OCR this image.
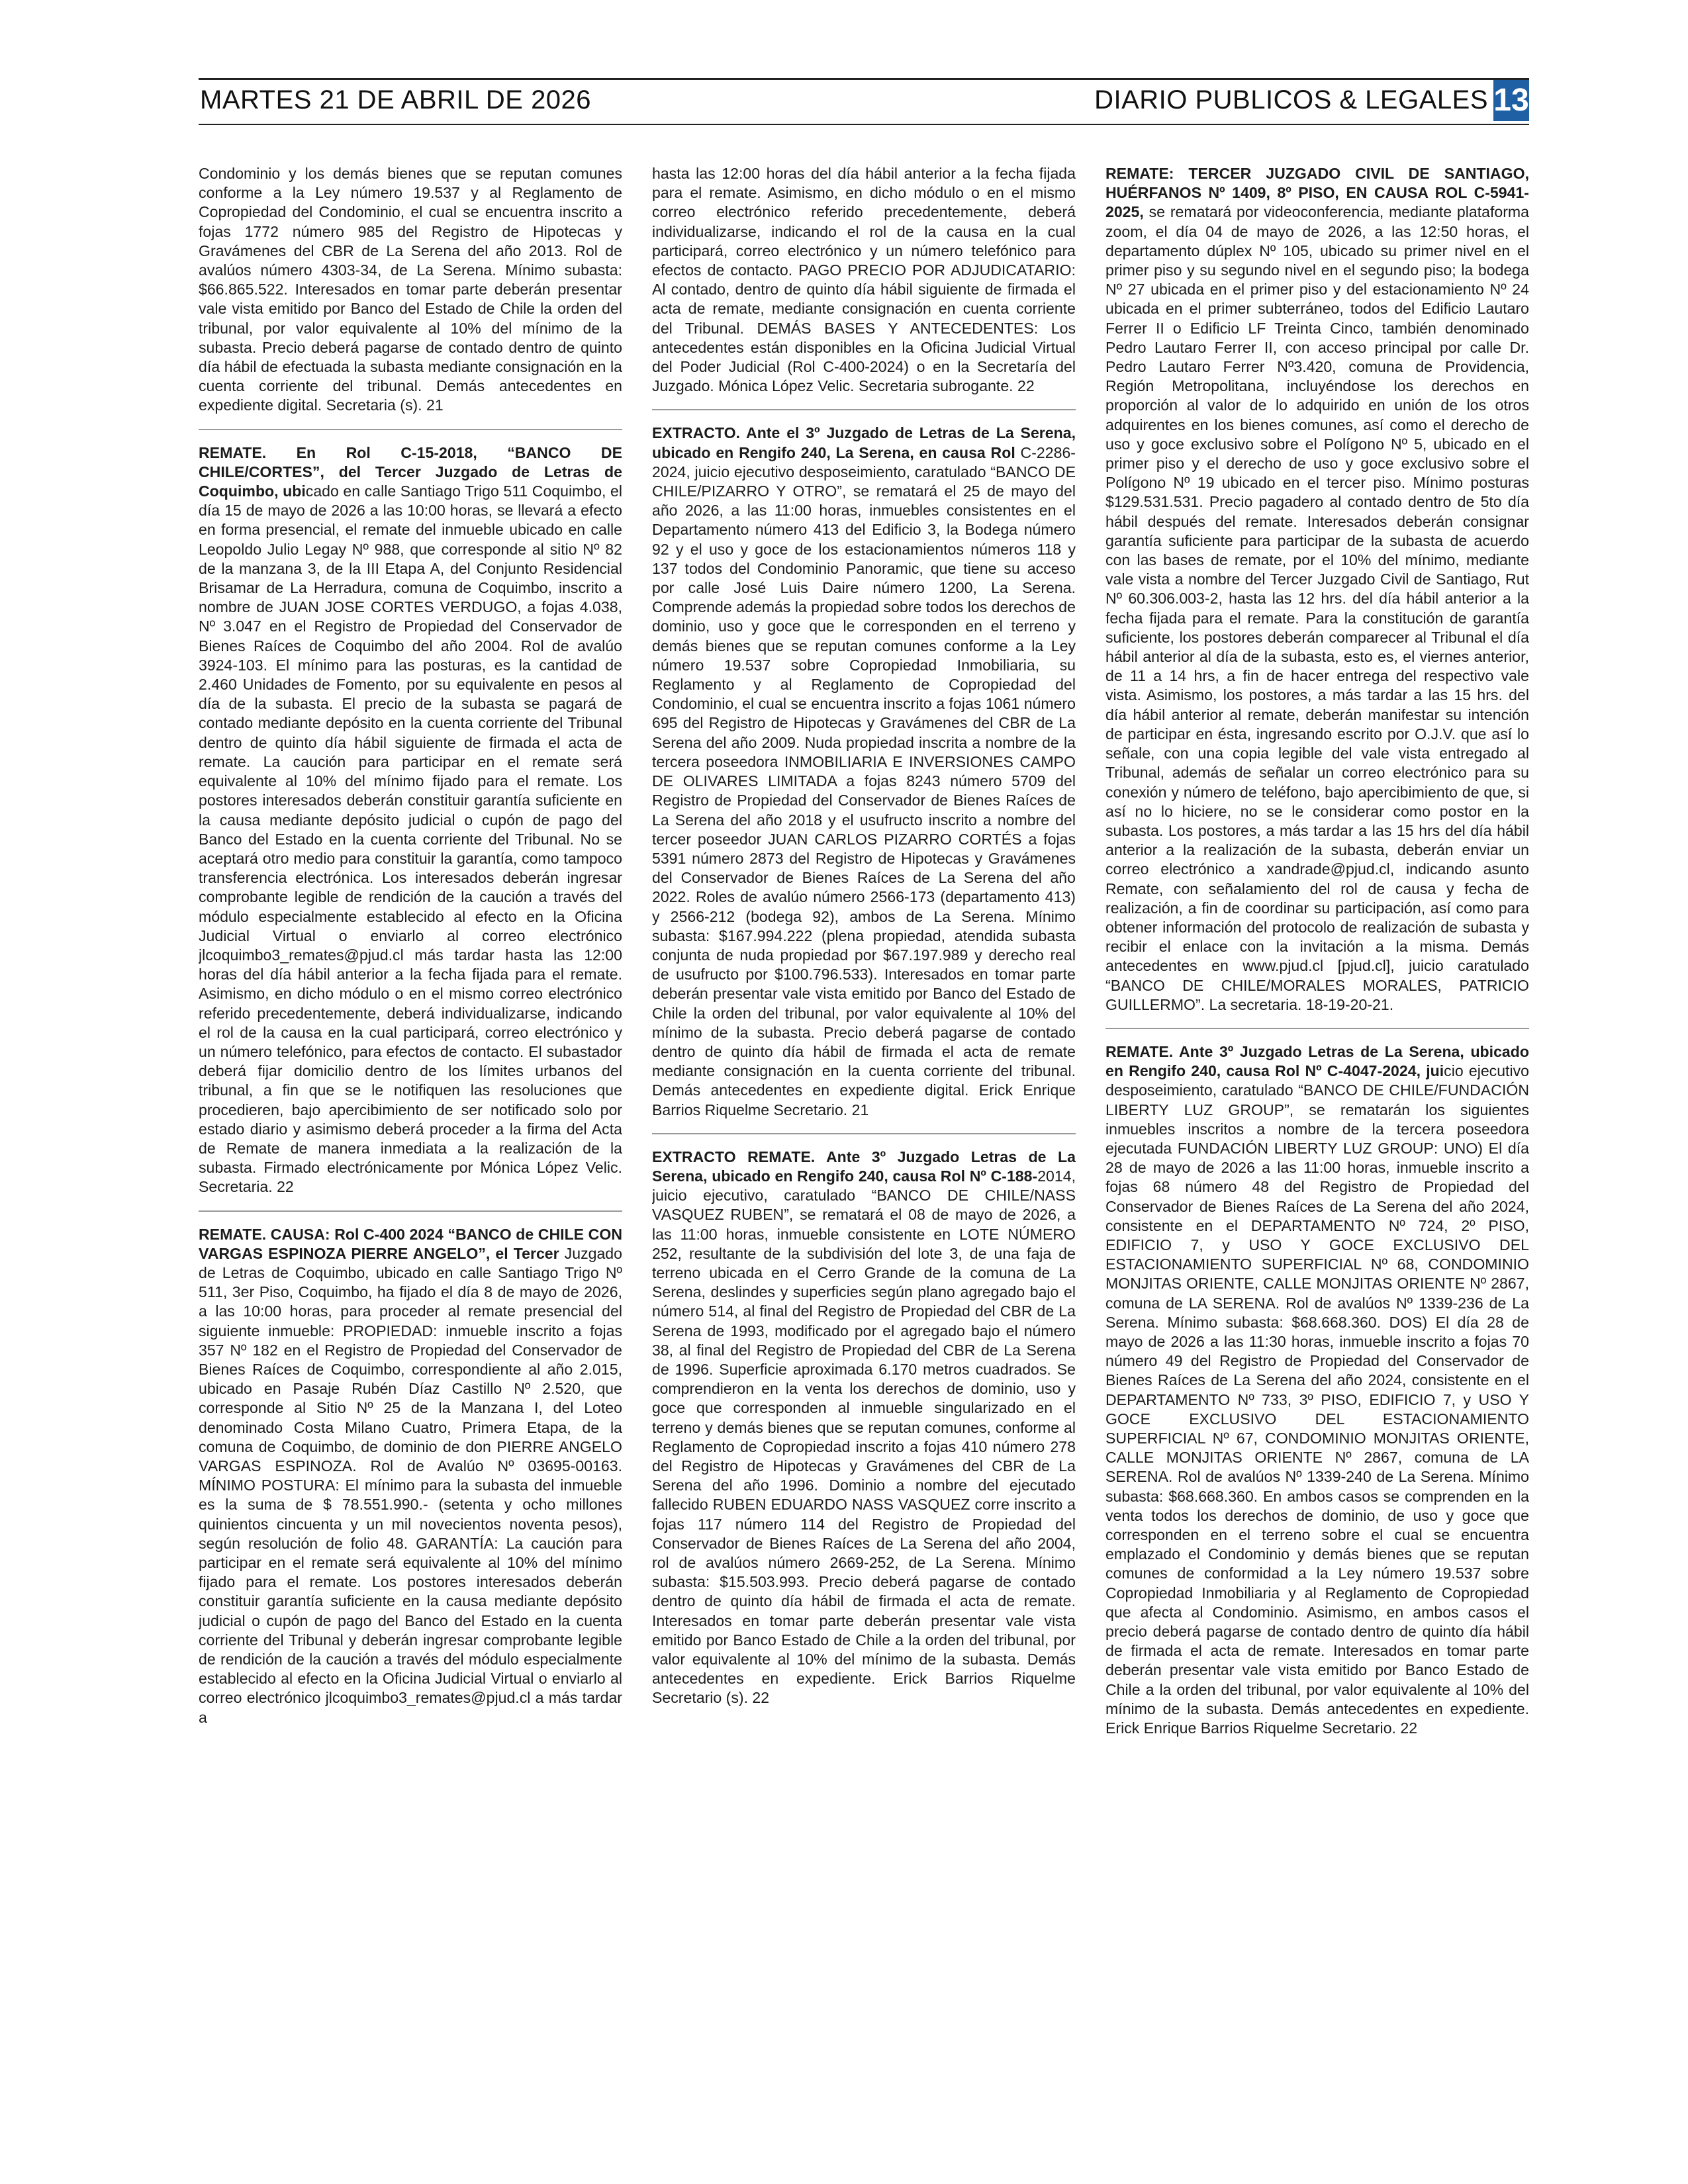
MARTES 21 DE ABRIL DE 2026	DIARIO PUBLICOS & LEGALES 13

Condominio y los demás bienes que se reputan comunes conforme a la Ley número 19.537 y al Reglamento de Copropiedad del Condominio, el cual se encuentra inscrito a fojas 1772 número 985 del Registro de Hipotecas y Gravámenes del CBR de La Serena del año 2013. Rol de avalúos número 4303-34, de La Serena. Mínimo subasta: $66.865.522. Interesados en tomar parte deberán presentar vale vista emitido por Banco del Estado de Chile la orden del tribunal, por valor equivalente al 10% del mínimo de la subasta. Precio deberá pagarse de contado dentro de quinto día hábil de efectuada la subasta mediante consignación en la cuenta corriente del tribunal. Demás antecedentes en expediente digital. Secretaria (s). 21

REMATE. En Rol C-15-2018, “BANCO DE CHILE/CORTES”, del Tercer Juzgado de Letras de Coquimbo, ubicado en calle Santiago Trigo 511 Coquimbo, el día 15 de mayo de 2026 a las 10:00 horas, se llevará a efecto en forma presencial, el remate del inmueble ubicado en calle Leopoldo Julio Legay Nº 988, que corresponde al sitio Nº 82 de la manzana 3, de la III Etapa A, del Conjunto Residencial Brisamar de La Herradura, comuna de Coquimbo, inscrito a nombre de JUAN JOSE CORTES VERDUGO, a fojas 4.038, Nº 3.047 en el Registro de Propiedad del Conservador de Bienes Raíces de Coquimbo del año 2004. Rol de avalúo 3924-103. El mínimo para las posturas, es la cantidad de 2.460 Unidades de Fomento, por su equivalente en pesos al día de la subasta. El precio de la subasta se pagará de contado mediante depósito en la cuenta corriente del Tribunal dentro de quinto día hábil siguiente de firmada el acta de remate. La caución para participar en el remate será equivalente al 10% del mínimo fijado para el remate. Los postores interesados deberán constituir garantía suficiente en la causa mediante depósito judicial o cupón de pago del Banco del Estado en la cuenta corriente del Tribunal. No se aceptará otro medio para constituir la garantía, como tampoco transferencia electrónica. Los interesados deberán ingresar comprobante legible de rendición de la caución a través del módulo especialmente establecido al efecto en la Oficina Judicial Virtual o enviarlo al correo electrónico jlcoquimbo3_remates@pjud.cl más tardar hasta las 12:00 horas del día hábil anterior a la fecha fijada para el remate. Asimismo, en dicho módulo o en el mismo correo electrónico referido precedentemente, deberá individualizarse, indicando el rol de la causa en la cual participará, correo electrónico y un número telefónico, para efectos de contacto. El subastador deberá fijar domicilio dentro de los límites urbanos del tribunal, a fin que se le notifiquen las resoluciones que procedieren, bajo apercibimiento de ser notificado solo por estado diario y asimismo deberá proceder a la firma del Acta de Remate de manera inmediata a la realización de la subasta. Firmado electrónicamente por Mónica López Velic. Secretaria. 22

REMATE. CAUSA: Rol C-400 2024 “BANCO de CHILE CON VARGAS ESPINOZA PIERRE ANGELO”, el Tercer Juzgado de Letras de Coquimbo, ubicado en calle Santiago Trigo Nº 511, 3er Piso, Coquimbo, ha fijado el día 8 de mayo de 2026, a las 10:00 horas, para proceder al remate presencial del siguiente inmueble: PROPIEDAD: inmueble inscrito a fojas 357 Nº 182 en el Registro de Propiedad del Conservador de Bienes Raíces de Coquimbo, correspondiente al año 2.015, ubicado en Pasaje Rubén Díaz Castillo Nº 2.520, que corresponde al Sitio Nº 25 de la Manzana I, del Loteo denominado Costa Milano Cuatro, Primera Etapa, de la comuna de Coquimbo, de dominio de don PIERRE ANGELO VARGAS ESPINOZA. Rol de Avalúo Nº 03695-00163. MÍNIMO POSTURA: El mínimo para la subasta del inmueble es la suma de $ 78.551.990.- (setenta y ocho millones quinientos cincuenta y un mil novecientos noventa pesos), según resolución de folio 48. GARANTÍA: La caución para participar en el remate será equivalente al 10% del mínimo fijado para el remate. Los postores interesados deberán constituir garantía suficiente en la causa mediante depósito judicial o cupón de pago del Banco del Estado en la cuenta corriente del Tribunal y deberán ingresar comprobante legible de rendición de la caución a través del módulo especialmente establecido al efecto en la Oficina Judicial Virtual o enviarlo al correo electrónico jlcoquimbo3_remates@pjud.cl a más tardar a

hasta las 12:00 horas del día hábil anterior a la fecha fijada para el remate. Asimismo, en dicho módulo o en el mismo correo electrónico referido precedentemente, deberá individualizarse, indicando el rol de la causa en la cual participará, correo electrónico y un número telefónico para efectos de contacto. PAGO PRECIO POR ADJUDICATARIO: Al contado, dentro de quinto día hábil siguiente de firmada el acta de remate, mediante consignación en cuenta corriente del Tribunal. DEMÁS BASES Y ANTECEDENTES: Los antecedentes están disponibles en la Oficina Judicial Virtual del Poder Judicial (Rol C-400-2024) o en la Secretaría del Juzgado. Mónica López Velic. Secretaria subrogante. 22

EXTRACTO. Ante el 3º Juzgado de Letras de La Serena, ubicado en Rengifo 240, La Serena, en causa Rol C-2286-2024, juicio ejecutivo desposeimiento, caratulado “BANCO DE CHILE/PIZARRO Y OTRO”, se rematará el 25 de mayo del año 2026, a las 11:00 horas, inmuebles consistentes en el Departamento número 413 del Edificio 3, la Bodega número 92 y el uso y goce de los estacionamientos números 118 y 137 todos del Condominio Panoramic, que tiene su acceso por calle José Luis Daire número 1200, La Serena. Comprende además la propiedad sobre todos los derechos de dominio, uso y goce que le corresponden en el terreno y demás bienes que se reputan comunes conforme a la Ley número 19.537 sobre Copropiedad Inmobiliaria, su Reglamento y al Reglamento de Copropiedad del Condominio, el cual se encuentra inscrito a fojas 1061 número 695 del Registro de Hipotecas y Gravámenes del CBR de La Serena del año 2009. Nuda propiedad inscrita a nombre de la tercera poseedora INMOBILIARIA E INVERSIONES CAMPO DE OLIVARES LIMITADA a fojas 8243 número 5709 del Registro de Propiedad del Conservador de Bienes Raíces de La Serena del año 2018 y el usufructo inscrito a nombre del tercer poseedor JUAN CARLOS PIZARRO CORTÉS a fojas 5391 número 2873 del Registro de Hipotecas y Gravámenes del Conservador de Bienes Raíces de La Serena del año 2022. Roles de avalúo número 2566-173 (departamento 413) y 2566-212 (bodega 92), ambos de La Serena. Mínimo subasta: $167.994.222 (plena propiedad, atendida subasta conjunta de nuda propiedad por $67.197.989 y derecho real de usufructo por $100.796.533). Interesados en tomar parte deberán presentar vale vista emitido por Banco del Estado de Chile la orden del tribunal, por valor equivalente al 10% del mínimo de la subasta. Precio deberá pagarse de contado dentro de quinto día hábil de firmada el acta de remate mediante consignación en la cuenta corriente del tribunal. Demás antecedentes en expediente digital. Erick Enrique Barrios Riquelme Secretario. 21

EXTRACTO REMATE. Ante 3º Juzgado Letras de La Serena, ubicado en Rengifo 240, causa Rol Nº C-188-2014, juicio ejecutivo, caratulado “BANCO DE CHILE/NASS VASQUEZ RUBEN”, se rematará el 08 de mayo de 2026, a las 11:00 horas, inmueble consistente en LOTE NÚMERO 252, resultante de la subdivisión del lote 3, de una faja de terreno ubicada en el Cerro Grande de la comuna de La Serena, deslindes y superficies según plano agregado bajo el número 514, al final del Registro de Propiedad del CBR de La Serena de 1993, modificado por el agregado bajo el número 38, al final del Registro de Propiedad del CBR de La Serena de 1996. Superficie aproximada 6.170 metros cuadrados. Se comprendieron en la venta los derechos de dominio, uso y goce que corresponden al inmueble singularizado en el terreno y demás bienes que se reputan comunes, conforme al Reglamento de Copropiedad inscrito a fojas 410 número 278 del Registro de Hipotecas y Gravámenes del CBR de La Serena del año 1996. Dominio a nombre del ejecutado fallecido RUBEN EDUARDO NASS VASQUEZ corre inscrito a fojas 117 número 114 del Registro de Propiedad del Conservador de Bienes Raíces de La Serena del año 2004, rol de avalúos número 2669-252, de La Serena. Mínimo subasta: $15.503.993. Precio deberá pagarse de contado dentro de quinto día hábil de firmada el acta de remate. Interesados en tomar parte deberán presentar vale vista emitido por Banco Estado de Chile a la orden del tribunal, por valor equivalente al 10% del mínimo de la subasta. Demás antecedentes en expediente. Erick Barrios Riquelme Secretario (s). 22

REMATE: TERCER JUZGADO CIVIL DE SANTIAGO, HUÉRFANOS Nº 1409, 8º PISO, EN CAUSA ROL C-5941-2025, se rematará por videoconferencia, mediante plataforma zoom, el día 04 de mayo de 2026, a las 12:50 horas, el departamento dúplex Nº 105, ubicado su primer nivel en el primer piso y su segundo nivel en el segundo piso; la bodega Nº 27 ubicada en el primer piso y del estacionamiento Nº 24 ubicada en el primer subterráneo, todos del Edificio Lautaro Ferrer II o Edificio LF Treinta Cinco, también denominado Pedro Lautaro Ferrer II, con acceso principal por calle Dr. Pedro Lautaro Ferrer Nº3.420, comuna de Providencia, Región Metropolitana, incluyéndose los derechos en proporción al valor de lo adquirido en unión de los otros adquirentes en los bienes comunes, así como el derecho de uso y goce exclusivo sobre el Polígono Nº 5, ubicado en el primer piso y el derecho de uso y goce exclusivo sobre el Polígono Nº 19 ubicado en el tercer piso. Mínimo posturas $129.531.531. Precio pagadero al contado dentro de 5to día hábil después del remate. Interesados deberán consignar garantía suficiente para participar de la subasta de acuerdo con las bases de remate, por el 10% del mínimo, mediante vale vista a nombre del Tercer Juzgado Civil de Santiago, Rut Nº 60.306.003-2, hasta las 12 hrs. del día hábil anterior a la fecha fijada para el remate. Para la constitución de garantía suficiente, los postores deberán comparecer al Tribunal el día hábil anterior al día de la subasta, esto es, el viernes anterior, de 11 a 14 hrs, a fin de hacer entrega del respectivo vale vista. Asimismo, los postores, a más tardar a las 15 hrs. del día hábil anterior al remate, deberán manifestar su intención de participar en ésta, ingresando escrito por O.J.V. que así lo señale, con una copia legible del vale vista entregado al Tribunal, además de señalar un correo electrónico para su conexión y número de teléfono, bajo apercibimiento de que, si así no lo hiciere, no se le considerar como postor en la subasta. Los postores, a más tardar a las 15 hrs del día hábil anterior a la realización de la subasta, deberán enviar un correo electrónico a xandrade@pjud.cl, indicando asunto Remate, con señalamiento del rol de causa y fecha de realización, a fin de coordinar su participación, así como para obtener información del protocolo de realización de subasta y recibir el enlace con la invitación a la misma. Demás antecedentes en www.pjud.cl [pjud.cl], juicio caratulado “BANCO DE CHILE/MORALES MORALES, PATRICIO GUILLERMO”. La secretaria. 18-19-20-21.

REMATE. Ante 3º Juzgado Letras de La Serena, ubicado en Rengifo 240, causa Rol Nº C-4047-2024, juicio ejecutivo desposeimiento, caratulado “BANCO DE CHILE/FUNDACIÓN LIBERTY LUZ GROUP”, se rematarán los siguientes inmuebles inscritos a nombre de la tercera poseedora ejecutada FUNDACIÓN LIBERTY LUZ GROUP: UNO) El día 28 de mayo de 2026 a las 11:00 horas, inmueble inscrito a fojas 68 número 48 del Registro de Propiedad del Conservador de Bienes Raíces de La Serena del año 2024, consistente en el DEPARTAMENTO Nº 724, 2º PISO, EDIFICIO 7, y USO Y GOCE EXCLUSIVO DEL ESTACIONAMIENTO SUPERFICIAL Nº 68, CONDOMINIO MONJITAS ORIENTE, CALLE MONJITAS ORIENTE Nº 2867, comuna de LA SERENA. Rol de avalúos Nº 1339-236 de La Serena. Mínimo subasta: $68.668.360. DOS) El día 28 de mayo de 2026 a las 11:30 horas, inmueble inscrito a fojas 70 número 49 del Registro de Propiedad del Conservador de Bienes Raíces de La Serena del año 2024, consistente en el DEPARTAMENTO Nº 733, 3º PISO, EDIFICIO 7, y USO Y GOCE EXCLUSIVO DEL ESTACIONAMIENTO SUPERFICIAL Nº 67, CONDOMINIO MONJITAS ORIENTE, CALLE MONJITAS ORIENTE Nº 2867, comuna de LA SERENA. Rol de avalúos Nº 1339-240 de La Serena. Mínimo subasta: $68.668.360. En ambos casos se comprenden en la venta todos los derechos de dominio, de uso y goce que corresponden en el terreno sobre el cual se encuentra emplazado el Condominio y demás bienes que se reputan comunes de conformidad a la Ley número 19.537 sobre Copropiedad Inmobiliaria y al Reglamento de Copropiedad que afecta al Condominio. Asimismo, en ambos casos el precio deberá pagarse de contado dentro de quinto día hábil de firmada el acta de remate. Interesados en tomar parte deberán presentar vale vista emitido por Banco Estado de Chile a la orden del tribunal, por valor equivalente al 10% del mínimo de la subasta. Demás antecedentes en expediente. Erick Enrique Barrios Riquelme Secretario. 22
